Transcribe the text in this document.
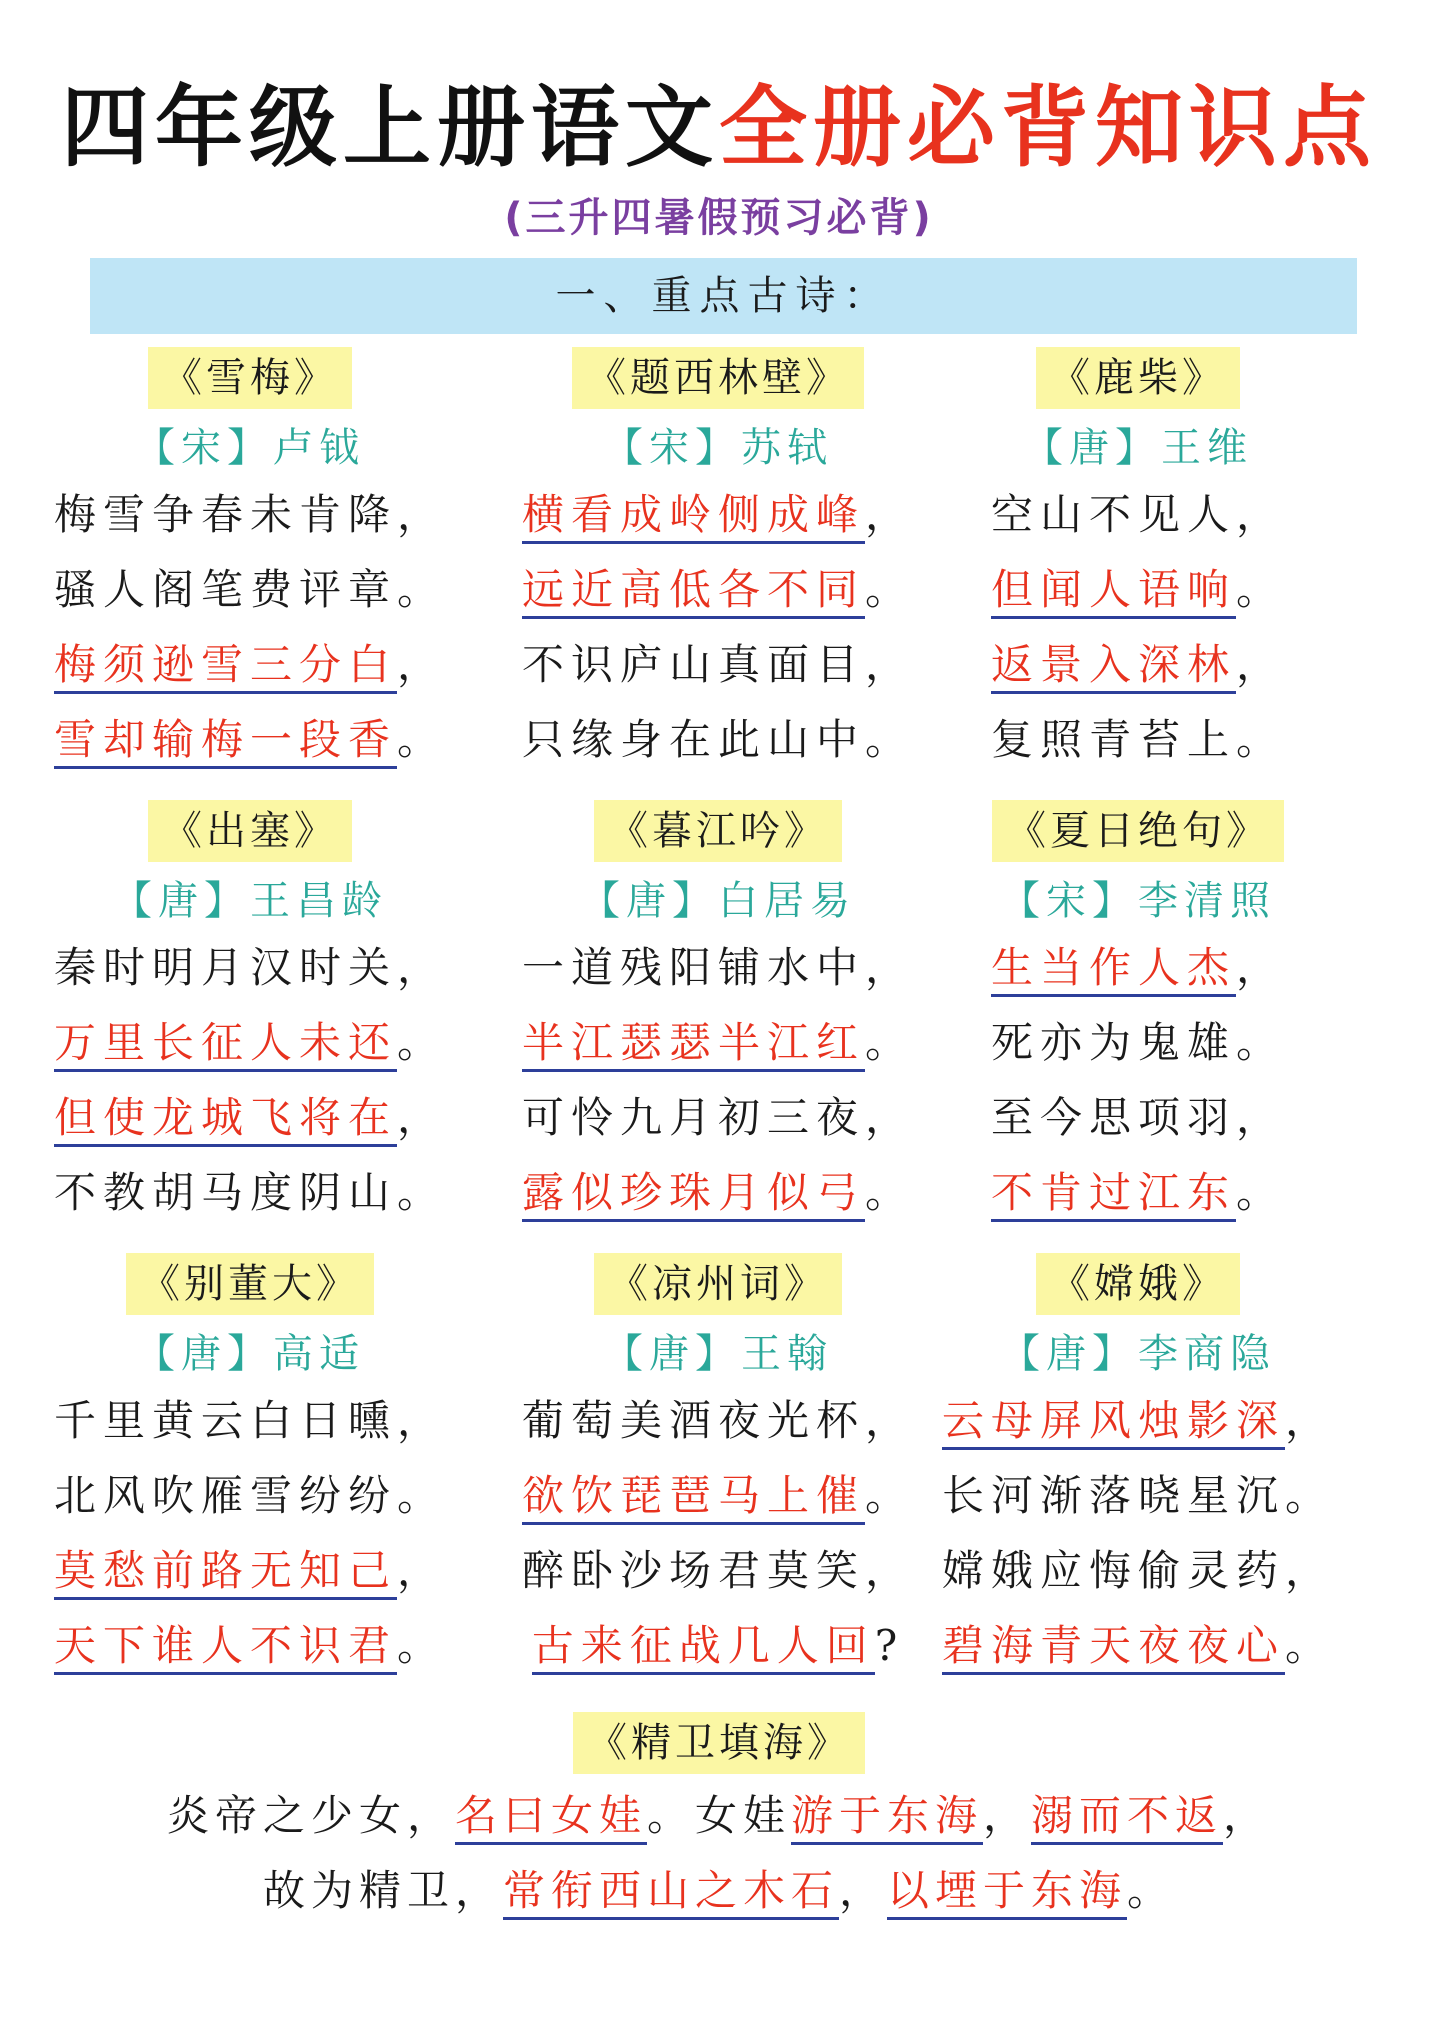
四年级上册语文全册必背知识点
(三升四暑假预习必背)
一、重点古诗：
《雪梅》
【宋】卢钺
梅雪争春未肯降，
骚人阁笔费评章。
梅须逊雪三分白，
雪却输梅一段香。
《题西林壁》
【宋】苏轼
横看成岭侧成峰，
远近高低各不同。
不识庐山真面目，
只缘身在此山中。
《鹿柴》
【唐】王维
空山不见人，
但闻人语响。
返景入深林，
复照青苔上。
《出塞》
【唐】王昌龄
秦时明月汉时关，
万里长征人未还。
但使龙城飞将在，
不教胡马度阴山。
《暮江吟》
【唐】白居易
一道残阳铺水中，
半江瑟瑟半江红。
可怜九月初三夜，
露似珍珠月似弓。
《夏日绝句》
【宋】李清照
生当作人杰，
死亦为鬼雄。
至今思项羽，
不肯过江东。
《别董大》
【唐】高适
千里黄云白日曛，
北风吹雁雪纷纷。
莫愁前路无知己，
天下谁人不识君。
《凉州词》
【唐】王翰
葡萄美酒夜光杯，
欲饮琵琶马上催。
醉卧沙场君莫笑，
古来征战几人回?
《嫦娥》
【唐】李商隐
云母屏风烛影深，
长河渐落晓星沉。
嫦娥应悔偷灵药，
碧海青天夜夜心。
《精卫填海》
炎帝之少女，名曰女娃。女娃游于东海，溺而不返，
故为精卫，常衔西山之木石，以堙于东海。
